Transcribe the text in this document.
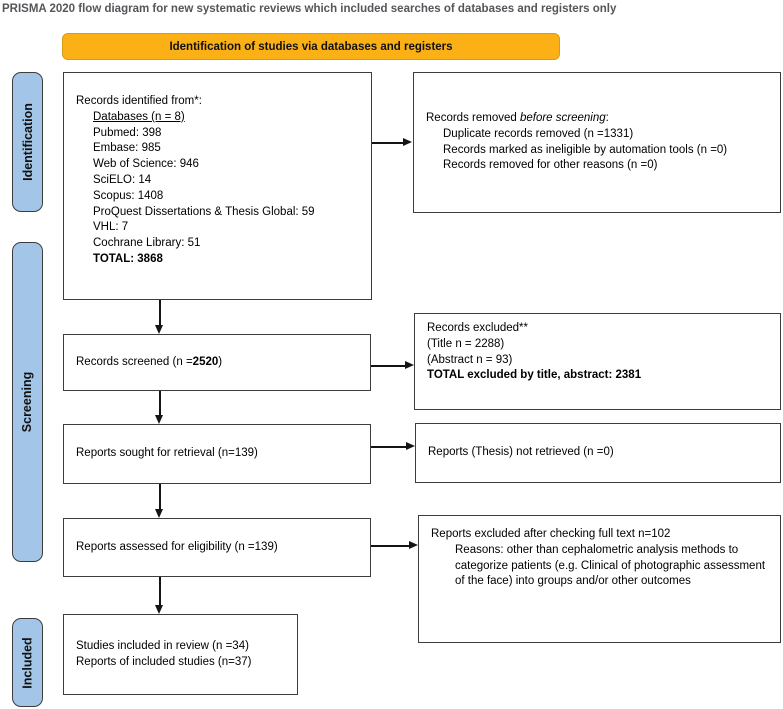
PRISMA 2020 flow diagram for new systematic reviews which included searches of databases and registers only
Identification of studies via databases and registers
Identification
Screening
Included
Records identified from*:
Databases (n = 8)
Pubmed: 398
Embase: 985
Web of Science: 946
SciELO: 14
Scopus: 1408
ProQuest Dissertations & Thesis Global: 59
VHL: 7
Cochrane Library: 51
TOTAL: 3868
Records removed before screening:
Duplicate records removed (n =1331)
Records marked as ineligible by automation tools (n =0)
Records removed for other reasons (n =0)
Records screened (n =2520)
Records excluded**
(Title n = 2288)
(Abstract n = 93)
TOTAL excluded by title, abstract: 2381
Reports sought for retrieval (n=139)	Reports (Thesis) not retrieved (n =0)
Reports assessed for eligibility (n =139)
Reports excluded after checking full text n=102
Reasons: other than cephalometric analysis methods to categorize patients (e.g. Clinical of photographic assessment of the face) into groups and/or other outcomes
Studies included in review (n =34)
Reports of included studies (n=37)
